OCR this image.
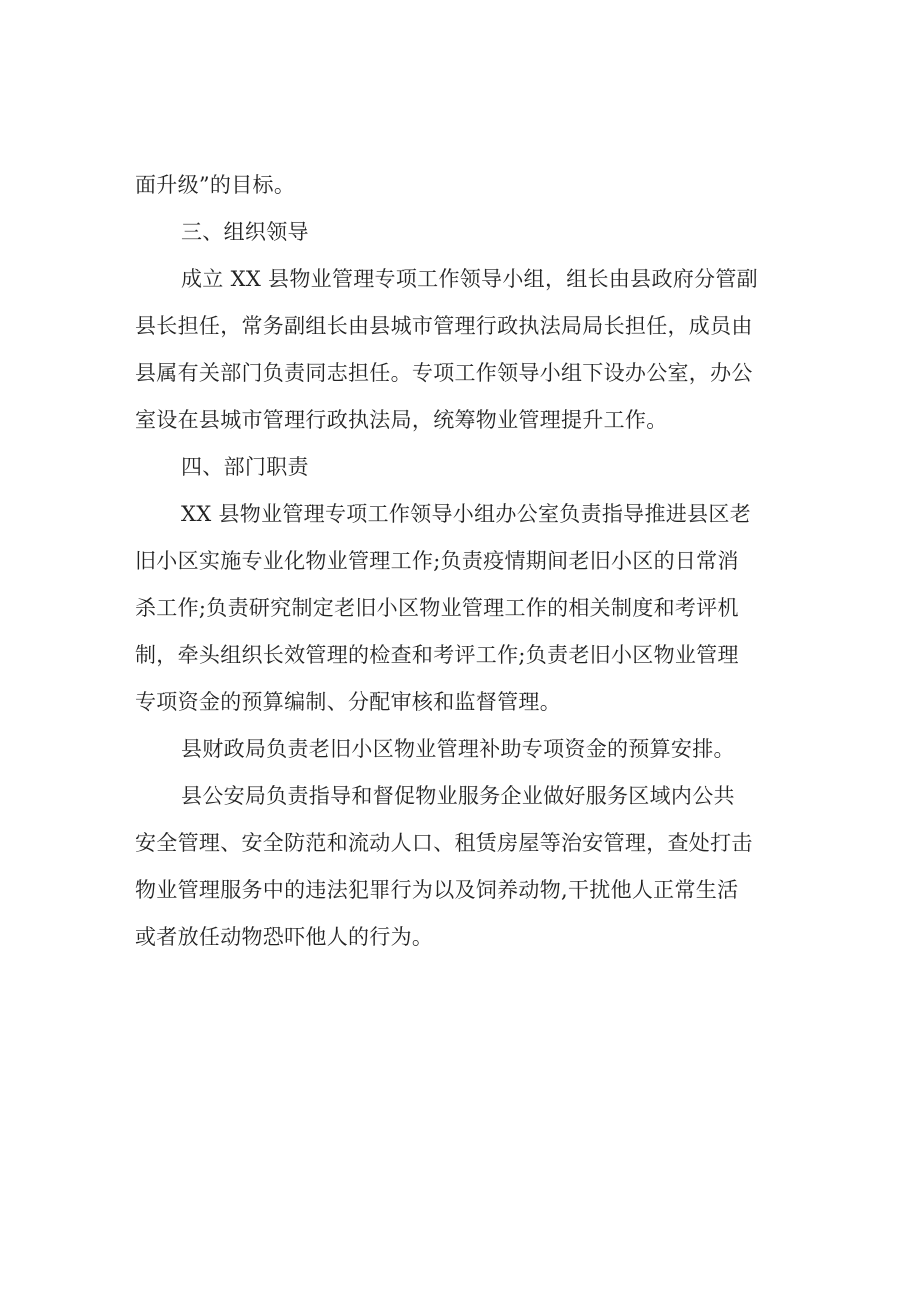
面升级”的目标。
三、组织领导
成立 XX 县物业管理专项工作领导小组，组长由县政府分管副
县长担任，常务副组长由县城市管理行政执法局局长担任，成员由
县属有关部门负责同志担任。专项工作领导小组下设办公室，办公
室设在县城市管理行政执法局，统筹物业管理提升工作。
四、部门职责
XX 县物业管理专项工作领导小组办公室负责指导推进县区老
旧小区实施专业化物业管理工作;负责疫情期间老旧小区的日常消
杀工作;负责研究制定老旧小区物业管理工作的相关制度和考评机
制，牵头组织长效管理的检查和考评工作;负责老旧小区物业管理
专项资金的预算编制、分配审核和监督管理。
县财政局负责老旧小区物业管理补助专项资金的预算安排。
县公安局负责指导和督促物业服务企业做好服务区域内公共
安全管理、安全防范和流动人口、租赁房屋等治安管理，查处打击
物业管理服务中的违法犯罪行为以及饲养动物,干扰他人正常生活
或者放任动物恐吓他人的行为。
